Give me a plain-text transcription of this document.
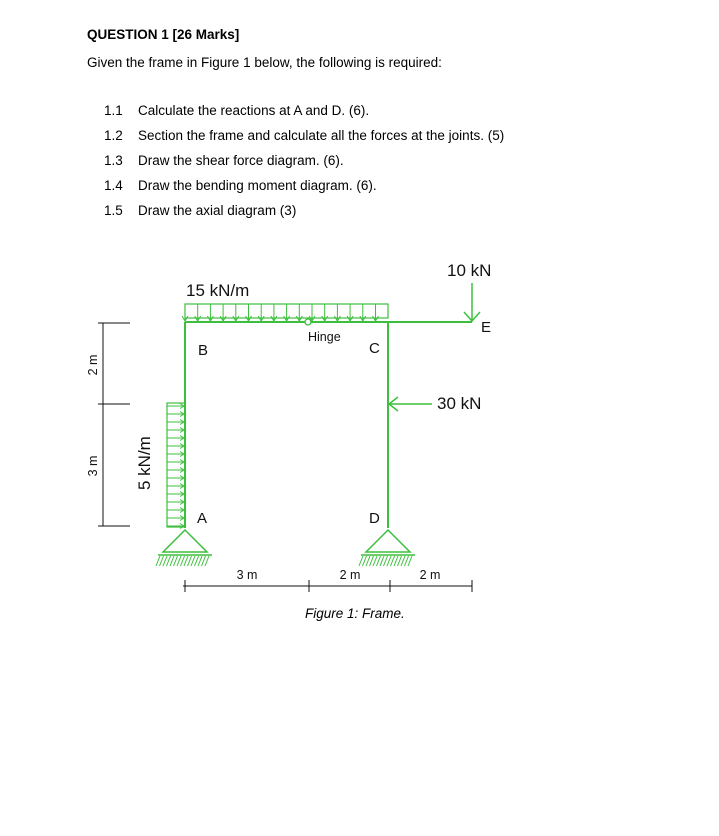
QUESTION 1 [26 Marks]

Given the frame in Figure 1 below, the following is required:

1.1 Calculate the reactions at A and D. (6).
1.2 Section the frame and calculate all the forces at the joints. (5)
1.3 Draw the shear force diagram. (6).
1.4 Draw the bending moment diagram. (6).
1.5 Draw the axial diagram (3)
B
Hinge
C
E
A	D
15 kN/m
10 kN
30 kN
5 kN/m
2 m
3 m
3 m	2 m	2 m

Figure 1: Frame.
